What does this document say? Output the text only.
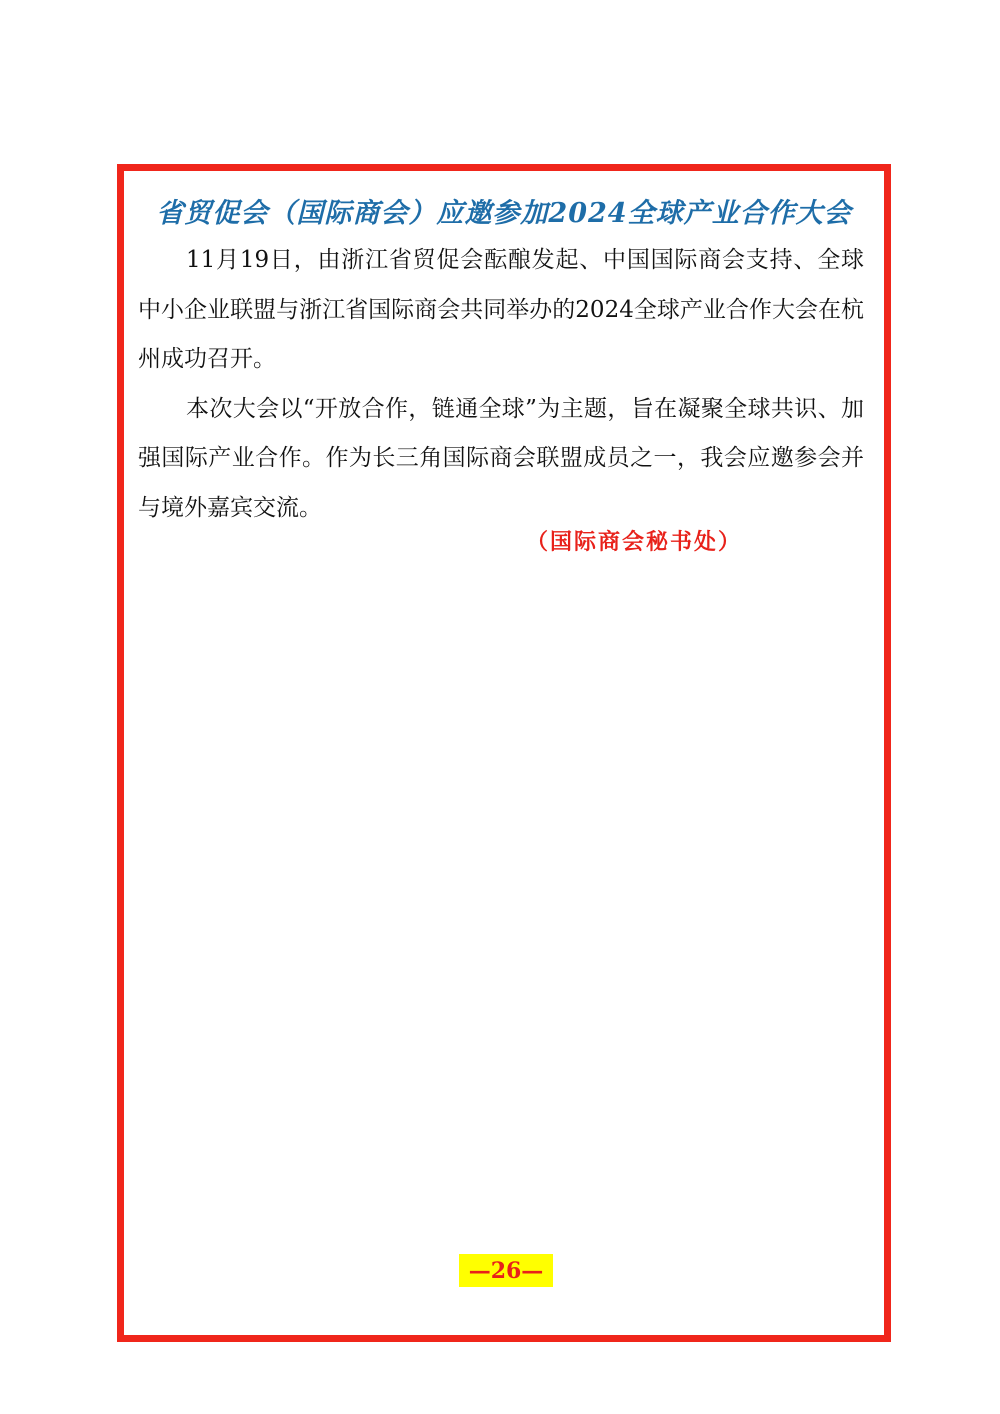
省贸促会（国际商会）应邀参加2024全球产业合作大会

11月19日，由浙江省贸促会酝酿发起、中国国际商会支持、全球中小企业联盟与浙江省国际商会共同举办的2024全球产业合作大会在杭州成功召开。

本次大会以“开放合作，链通全球”为主题，旨在凝聚全球共识、加强国际产业合作。作为长三角国际商会联盟成员之一，我会应邀参会并与境外嘉宾交流。

（国际商会秘书处）
—26—
